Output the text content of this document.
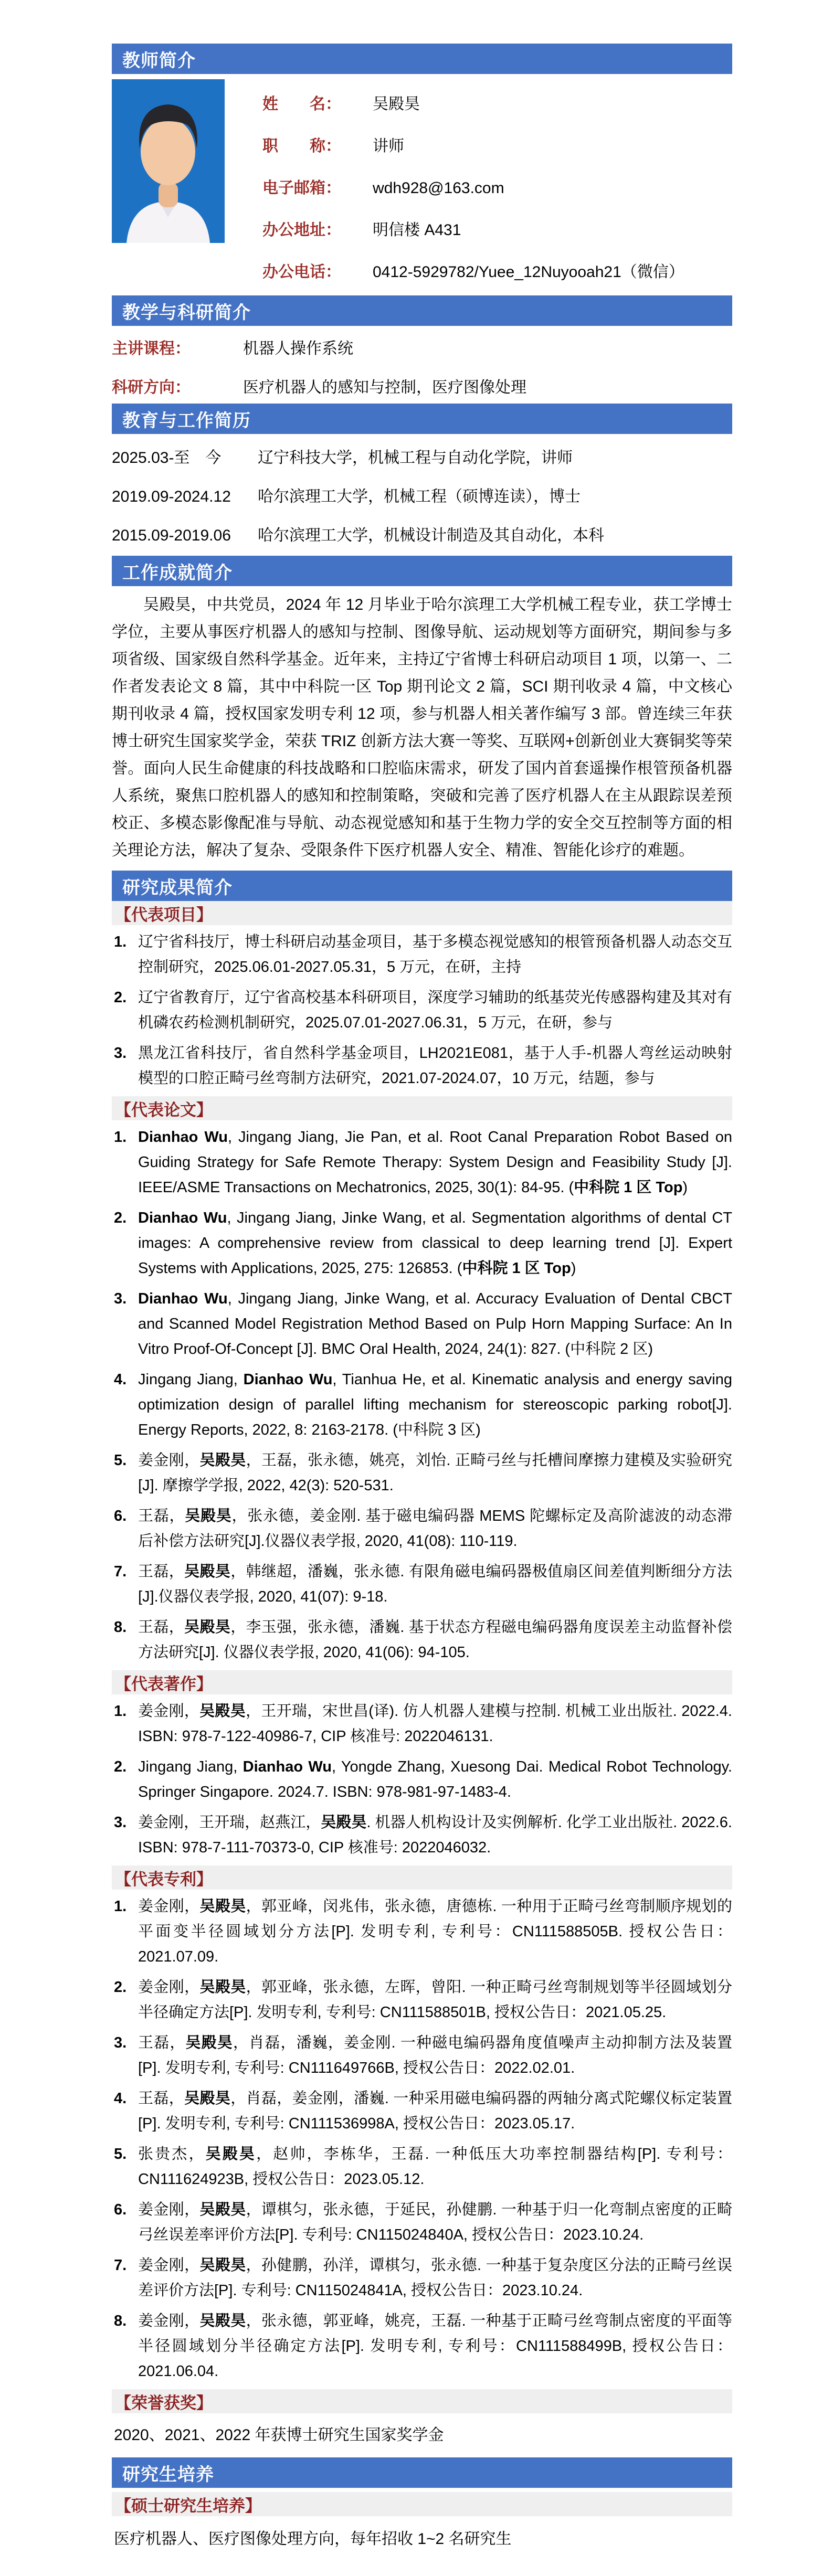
教师简介
姓　　名：	吴殿昊
职　　称：	讲师
电子邮箱：	wdh928@163.com
办公地址：	明信楼 A431
办公电话：	0412-5929782/Yuee_12Nuyooah21（微信）
教学与科研简介
主讲课程：	机器人操作系统
科研方向：	医疗机器人的感知与控制，医疗图像处理
教育与工作简历
2025.03-至　今	辽宁科技大学，机械工程与自动化学院，讲师
2019.09-2024.12	哈尔滨理工大学，机械工程（硕博连读），博士
2015.09-2019.06	哈尔滨理工大学，机械设计制造及其自动化，本科
工作成就简介

吴殿昊，中共党员，2024 年 12 月毕业于哈尔滨理工大学机械工程专业，获工学博士学位，主要从事医疗机器人的感知与控制、图像导航、运动规划等方面研究，期间参与多项省级、国家级自然科学基金。近年来，主持辽宁省博士科研启动项目 1 项，以第一、二作者发表论文 8 篇，其中中科院一区 Top 期刊论文 2 篇，SCI 期刊收录 4 篇，中文核心期刊收录 4 篇，授权国家发明专利 12 项，参与机器人相关著作编写 3 部。曾连续三年获博士研究生国家奖学金，荣获 TRIZ 创新方法大赛一等奖、互联网+创新创业大赛铜奖等荣誉。面向人民生命健康的科技战略和口腔临床需求，研发了国内首套遥操作根管预备机器人系统，聚焦口腔机器人的感知和控制策略，突破和完善了医疗机器人在主从跟踪误差预校正、多模态影像配准与导航、动态视觉感知和基于生物力学的安全交互控制等方面的相关理论方法，解决了复杂、受限条件下医疗机器人安全、精准、智能化诊疗的难题。

研究成果简介
【代表项目】
1. 辽宁省科技厅，博士科研启动基金项目，基于多模态视觉感知的根管预备机器人动态交互控制研究，2025.06.01-2027.05.31，5 万元，在研，主持
2. 辽宁省教育厅，辽宁省高校基本科研项目，深度学习辅助的纸基荧光传感器构建及其对有机磷农药检测机制研究，2025.07.01-2027.06.31，5 万元，在研，参与
3. 黑龙江省科技厅，省自然科学基金项目，LH2021E081，基于人手-机器人弯丝运动映射模型的口腔正畸弓丝弯制方法研究，2021.07-2024.07，10 万元，结题，参与
【代表论文】
1. Dianhao Wu, Jingang Jiang, Jie Pan, et al. Root Canal Preparation Robot Based on Guiding Strategy for Safe Remote Therapy: System Design and Feasibility Study [J]. IEEE/ASME Transactions on Mechatronics, 2025, 30(1): 84-95. (中科院 1 区 Top)
2. Dianhao Wu, Jingang Jiang, Jinke Wang, et al. Segmentation algorithms of dental CT images: A comprehensive review from classical to deep learning trend [J]. Expert Systems with Applications, 2025, 275: 126853. (中科院 1 区 Top)
3. Dianhao Wu, Jingang Jiang, Jinke Wang, et al. Accuracy Evaluation of Dental CBCT and Scanned Model Registration Method Based on Pulp Horn Mapping Surface: An In Vitro Proof-Of-Concept [J]. BMC Oral Health, 2024, 24(1): 827. (中科院 2 区)
4. Jingang Jiang, Dianhao Wu, Tianhua He, et al. Kinematic analysis and energy saving optimization design of parallel lifting mechanism for stereoscopic parking robot[J]. Energy Reports, 2022, 8: 2163-2178. (中科院 3 区)
5. 姜金刚，吴殿昊，王磊，张永德，姚亮，刘怡. 正畸弓丝与托槽间摩擦力建模及实验研究[J]. 摩擦学学报, 2022, 42(3): 520-531.
6. 王磊，吴殿昊，张永德，姜金刚. 基于磁电编码器 MEMS 陀螺标定及高阶滤波的动态滞后补偿方法研究[J].仪器仪表学报, 2020, 41(08): 110-119.
7. 王磊，吴殿昊，韩继超，潘巍，张永德. 有限角磁电编码器极值扇区间差值判断细分方法[J].仪器仪表学报, 2020, 41(07): 9-18.
8. 王磊，吴殿昊，李玉强，张永德，潘巍. 基于状态方程磁电编码器角度误差主动监督补偿方法研究[J]. 仪器仪表学报, 2020, 41(06): 94-105.
【代表著作】
1. 姜金刚，吴殿昊，王开瑞，宋世昌(译). 仿人机器人建模与控制. 机械工业出版社. 2022.4. ISBN: 978-7-122-40986-7, CIP 核准号: 2022046131.
2. Jingang Jiang, Dianhao Wu, Yongde Zhang, Xuesong Dai. Medical Robot Technology. Springer Singapore. 2024.7. ISBN: 978-981-97-1483-4.
3. 姜金刚，王开瑞，赵燕江，吴殿昊. 机器人机构设计及实例解析. 化学工业出版社. 2022.6. ISBN: 978-7-111-70373-0, CIP 核准号: 2022046032.
【代表专利】
1. 姜金刚，吴殿昊，郭亚峰，闵兆伟，张永德，唐德栋. 一种用于正畸弓丝弯制顺序规划的平面变半径圆域划分方法[P]. 发明专利, 专利号：CN111588505B. 授权公告日：2021.07.09.
2. 姜金刚，吴殿昊，郭亚峰，张永德，左晖，曾阳. 一种正畸弓丝弯制规划等半径圆域划分半径确定方法[P]. 发明专利, 专利号: CN111588501B, 授权公告日：2021.05.25.
3. 王磊，吴殿昊，肖磊，潘巍，姜金刚. 一种磁电编码器角度值噪声主动抑制方法及装置[P]. 发明专利, 专利号: CN111649766B, 授权公告日：2022.02.01.
4. 王磊，吴殿昊，肖磊，姜金刚，潘巍. 一种采用磁电编码器的两轴分离式陀螺仪标定装置[P]. 发明专利, 专利号: CN111536998A, 授权公告日：2023.05.17.
5. 张贵杰，吴殿昊，赵帅，李栋华，王磊. 一种低压大功率控制器结构[P]. 专利号：CN111624923B, 授权公告日：2023.05.12.
6. 姜金刚，吴殿昊，谭棋匀，张永德，于延民，孙健鹏. 一种基于归一化弯制点密度的正畸弓丝误差率评价方法[P]. 专利号: CN115024840A, 授权公告日：2023.10.24.
7. 姜金刚，吴殿昊，孙健鹏，孙洋，谭棋匀，张永德. 一种基于复杂度区分法的正畸弓丝误差评价方法[P]. 专利号: CN115024841A, 授权公告日：2023.10.24.
8. 姜金刚，吴殿昊，张永德，郭亚峰，姚亮，王磊. 一种基于正畸弓丝弯制点密度的平面等半径圆域划分半径确定方法[P]. 发明专利, 专利号：CN111588499B, 授权公告日：2021.06.04.
【荣誉获奖】
2020、2021、2022 年获博士研究生国家奖学金
研究生培养
【硕士研究生培养】
医疗机器人、医疗图像处理方向，每年招收 1~2 名研究生
